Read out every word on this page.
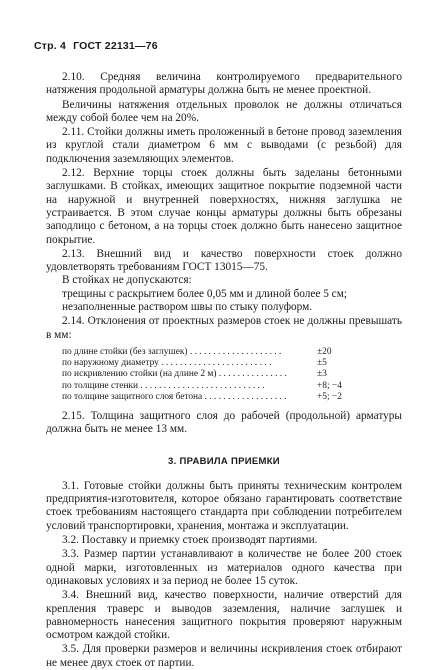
Стр. 4 ГОСТ 22131—76

2.10. Средняя величина контролируемого предварительного натяжения продольной арматуры должна быть не менее проектной.

Величины натяжения отдельных проволок не должны отличаться между собой более чем на 20%.

2.11. Стойки должны иметь проложенный в бетоне провод заземления из круглой стали диаметром 6 мм с выводами (с резьбой) для подключения заземляющих элементов.

2.12. Верхние торцы стоек должны быть заделаны бетонными заглушками. В стойках, имеющих защитное покрытие подземной части на наружной и внутренней поверхностях, нижняя заглушка не устраивается. В этом случае концы арматуры должны быть обрезаны заподлицо с бетоном, а на торцы стоек должно быть нанесено защитное покрытие.

2.13. Внешний вид и качество поверхности стоек должно удовлетворять требованиям ГОСТ 13015—75.

В стойках не допускаются:

трещины с раскрытием более 0,05 мм и длиной более 5 см;

незаполненные раствором швы по стыку полуформ.

2.14. Отклонения от проектных размеров стоек не должны превышать в мм:

по длине стойки (без заглушек) . . . . . . . . . . . . . . . . . . . .	±20
по наружному диаметру . . . . . . . . . . . . . . . . . . . . . . . .	±5
по искривлению стойки (на длине 2 м) . . . . . . . . . . . . . . .	±3
по толщине стенки . . . . . . . . . . . . . . . . . . . . . . . . . . .	+8; −4
по толщине защитного слоя бетона . . . . . . . . . . . . . . . . . .	+5; −2

2.15. Толщина защитного слоя до рабочей (продольной) арматуры должна быть не менее 13 мм.

3. ПРАВИЛА ПРИЕМКИ

3.1. Готовые стойки должны быть приняты техническим контролем предприятия-изготовителя, которое обязано гарантировать соответствие стоек требованиям настоящего стандарта при соблюдении потребителем условий транспортировки, хранения, монтажа и эксплуатации.

3.2. Поставку и приемку стоек производят партиями.

3.3. Размер партии устанавливают в количестве не более 200 стоек одной марки, изготовленных из материалов одного качества при одинаковых условиях и за период не более 15 суток.

3.4. Внешний вид, качество поверхности, наличие отверстий для крепления траверс и выводов заземления, наличие заглушек и равномерность нанесения защитного покрытия проверяют наружным осмотром каждой стойки.

3.5. Для проверки размеров и величины искривления стоек отбирают не менее двух стоек от партии.
